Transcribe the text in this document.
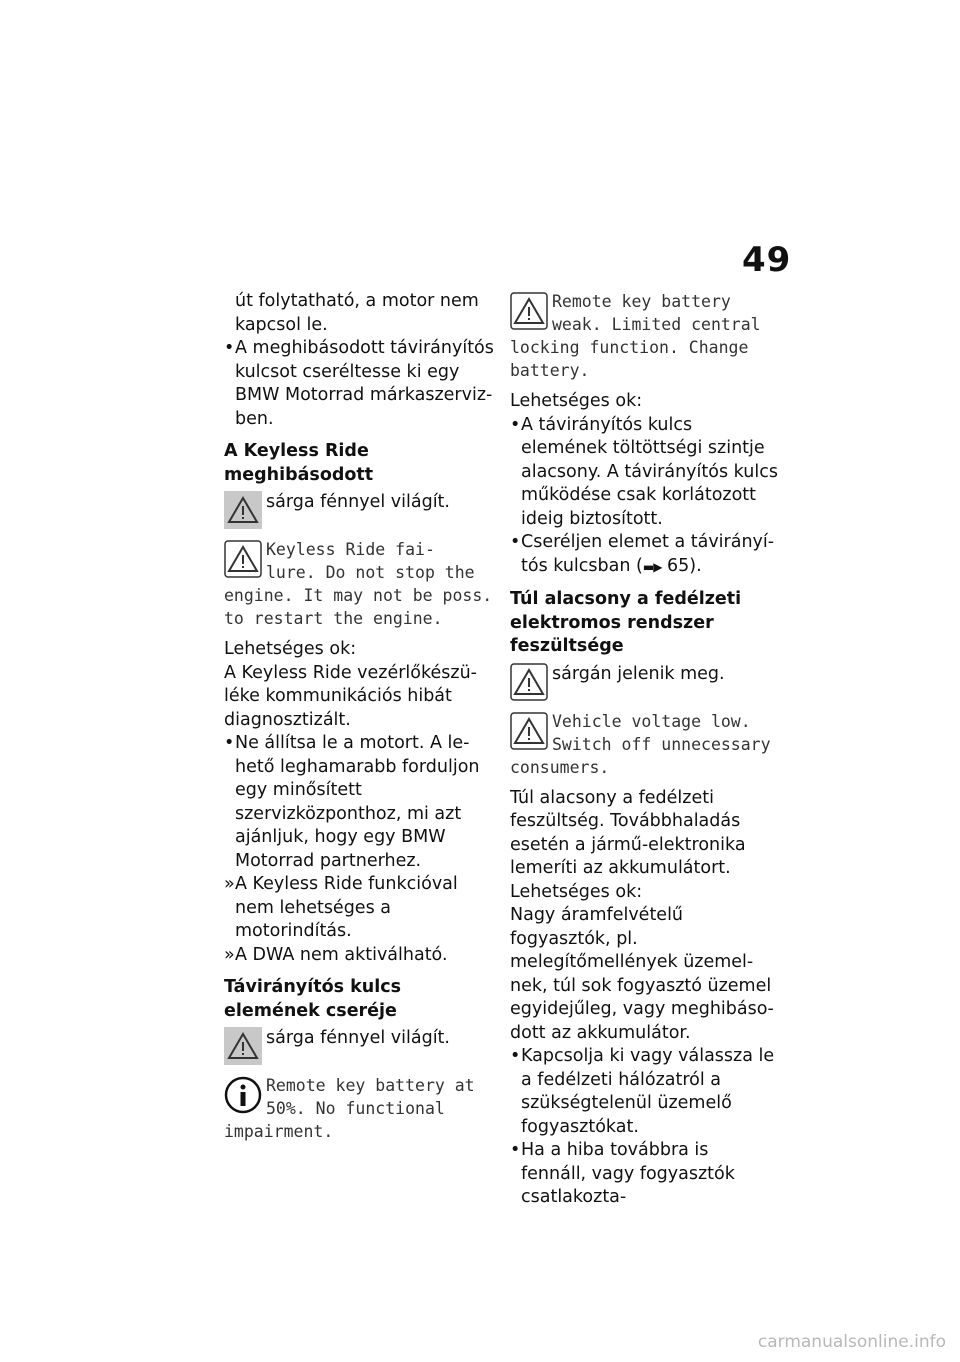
49

út folytatható, a motor nem kapcsol le.

• A meghibásodott távirányítós kulcsot cseréltesse ki egy BMW Motorrad márkaszervizben.
A Keyless Ride meghibásodott
sárga fénnyel világít.
Keyless Ride fai-
lure. Do not stop the engine. It may not be poss. to restart the engine.

Lehetséges ok:

A Keyless Ride vezérlőkészüléke kommunikációs hibát diagnosztizált.

• Ne állítsa le a motort. A lehető leghamarabb forduljon egy minősített szervizközponthoz, mi azt ajánljuk, hogy egy BMW Motorrad partnerhez.
» A Keyless Ride funkcióval nem lehetséges a motorindítás.
» A DWA nem aktiválható.
Távirányítós kulcs elemének cseréje
sárga fénnyel világít.
Remote key battery at 50%. No functional impairment.
Remote key battery weak. Limited central locking function. Change battery.

Lehetséges ok:

• A távirányítós kulcs elemének töltöttségi szintje alacsony. A távirányítós kulcs működése csak korlátozott ideig biztosított.
• Cseréljen elemet a távirányítós kulcsban (▬▶ 65).
Túl alacsony a fedélzeti elektromos rendszer feszültsége
sárgán jelenik meg.
Vehicle voltage low. Switch off unnecessary consumers.

Túl alacsony a fedélzeti feszültség. Továbbhaladás esetén a jármű-elektronika lemeríti az akkumulátort.

Lehetséges ok:

Nagy áramfelvételű fogyasztók, pl. melegítőmellények üzemelnek, túl sok fogyasztó üzemel egyidejűleg, vagy meghibásodott az akkumulátor.

• Kapcsolja ki vagy válassza le a fedélzeti hálózatról a szükségtelenül üzemelő fogyasztókat.
• Ha a hiba továbbra is fennáll, vagy fogyasztók csatlakozta-
carmanualsonline.info
